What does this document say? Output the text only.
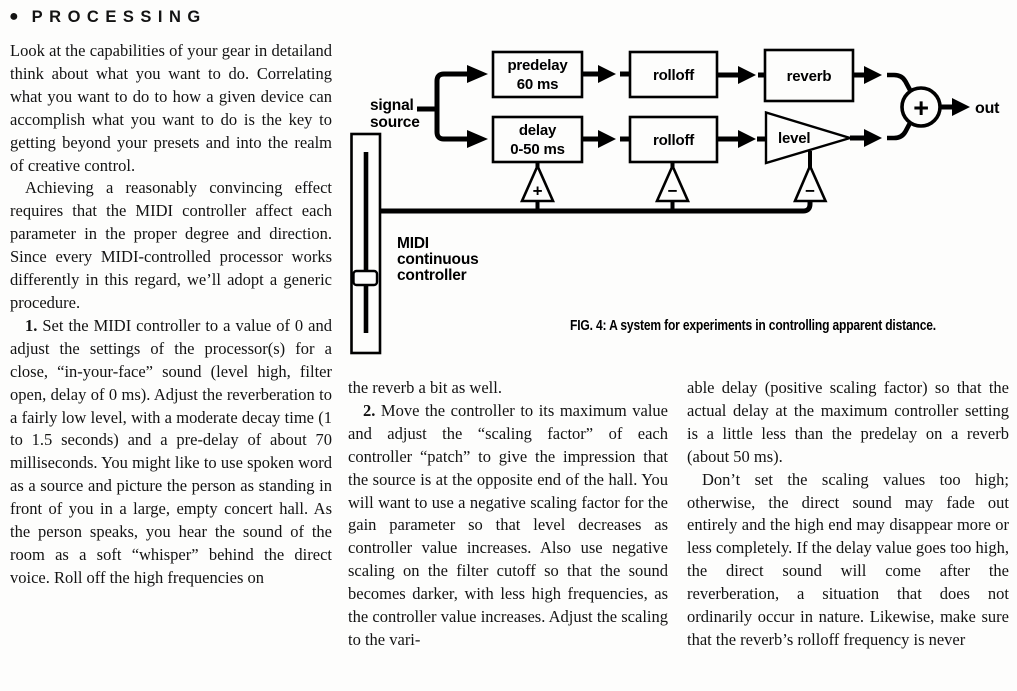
● PROCESSING

Look at the capabilities of your gear in detailand think about what you want to do. Correlating what you want to do to how a given device can accomplish what you want to do is the key to getting beyond your presets and into the realm of creative control.

Achieving a reasonably convincing effect requires that the MIDI controller affect each parameter in the proper degree and direction. Since every MIDI-controlled processor works differently in this regard, we’ll adopt a generic procedure.

1. Set the MIDI controller to a value of 0 and adjust the settings of the processor(s) for a close, “in-your-face” sound (level high, filter open, delay of 0 ms). Adjust the reverberation to a fairly low level, with a moderate decay time (1 to 1.5 seconds) and a pre-delay of about 70 milliseconds. You might like to use spoken word as a source and picture the person as standing in front of you in a large, empty concert hall. As the person speaks, you hear the sound of the room as a soft “whisper” behind the direct voice. Roll off the high frequencies on

the reverb a bit as well.

2. Move the controller to its maximum value and adjust the “scaling factor” of each controller “patch” to give the impression that the source is at the opposite end of the hall. You will want to use a negative scaling factor for the gain parameter so that level decreases as controller value increases. Also use negative scaling on the filter cutoff so that the sound becomes darker, with less high frequencies, as the controller value increases. Adjust the scaling to the vari-

able delay (positive scaling factor) so that the actual delay at the maximum controller setting is a little less than the predelay on a reverb (about 50 ms).

Don’t set the scaling values too high; otherwise, the direct sound may fade out entirely and the high end may disappear more or less completely. If the delay value goes too high, the direct sound will come after the reverberation, a situation that does not ordinarily occur in nature. Likewise, make sure that the reverb’s rolloff frequency is never

signal
source
predelay
60 ms
rolloff	reverb
delay
0-50 ms
rolloff	level
+	out
+	−	−
MIDI
continuous
controller
FIG. 4: A system for experiments in controlling apparent distance.
